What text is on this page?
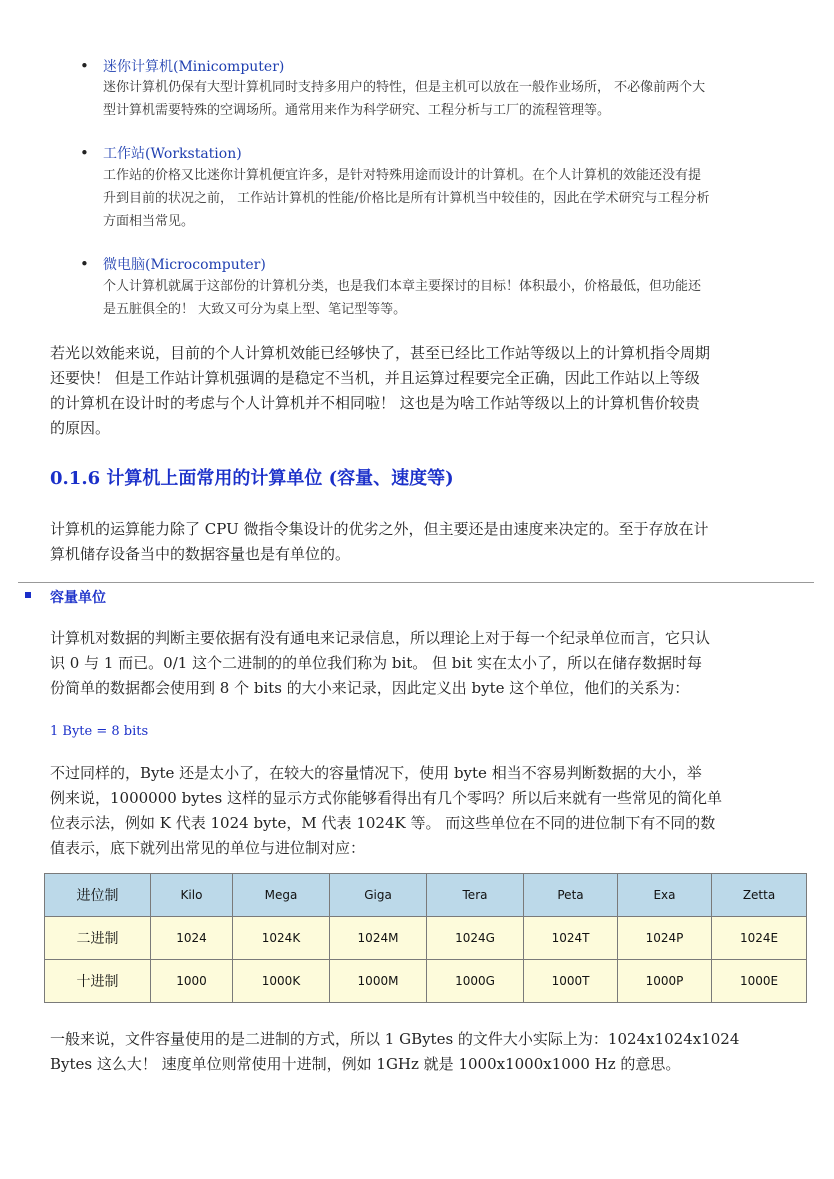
• 迷你计算机(Minicomputer)
迷你计算机仍保有大型计算机同时支持多用户的特性，但是主机可以放在一般作业场所， 不必像前两个大
型计算机需要特殊的空调场所。通常用来作为科学研究、工程分析与工厂的流程管理等。
• 工作站(Workstation)
工作站的价格又比迷你计算机便宜许多，是针对特殊用途而设计的计算机。在个人计算机的效能还没有提
升到目前的状况之前， 工作站计算机的性能/价格比是所有计算机当中较佳的，因此在学术研究与工程分析
方面相当常见。
• 微电脑(Microcomputer)
个人计算机就属于这部份的计算机分类，也是我们本章主要探讨的目标！体积最小，价格最低，但功能还
是五脏俱全的！ 大致又可分为桌上型、笔记型等等。
若光以效能来说，目前的个人计算机效能已经够快了，甚至已经比工作站等级以上的计算机指令周期
还要快！ 但是工作站计算机强调的是稳定不当机，并且运算过程要完全正确，因此工作站以上等级
的计算机在设计时的考虑与个人计算机并不相同啦！ 这也是为啥工作站等级以上的计算机售价较贵
的原因。
0.1.6 计算机上面常用的计算单位 (容量、速度等)
计算机的运算能力除了 CPU 微指令集设计的优劣之外，但主要还是由速度来决定的。至于存放在计
算机储存设备当中的数据容量也是有单位的。
容量单位
计算机对数据的判断主要依据有没有通电来记录信息，所以理论上对于每一个纪录单位而言，它只认
识 0 与 1 而已。0/1 这个二进制的的单位我们称为 bit。 但 bit 实在太小了，所以在储存数据时每
份简单的数据都会使用到 8 个 bits 的大小来记录，因此定义出 byte 这个单位，他们的关系为：
1 Byte = 8 bits
不过同样的，Byte 还是太小了，在较大的容量情况下，使用 byte 相当不容易判断数据的大小，举
例来说，1000000 bytes 这样的显示方式你能够看得出有几个零吗？所以后来就有一些常见的简化单
位表示法，例如 K 代表 1024 byte，M 代表 1024K 等。 而这些单位在不同的进位制下有不同的数
值表示，底下就列出常见的单位与进位制对应：
进位制	Kilo	Mega	Giga	Tera	Peta	Exa	Zetta
二进制	1024	1024K	1024M	1024G	1024T	1024P	1024E
十进制	1000	1000K	1000M	1000G	1000T	1000P	1000E
一般来说，文件容量使用的是二进制的方式，所以 1 GBytes 的文件大小实际上为：1024x1024x1024
Bytes 这么大！ 速度单位则常使用十进制，例如 1GHz 就是 1000x1000x1000 Hz 的意思。
